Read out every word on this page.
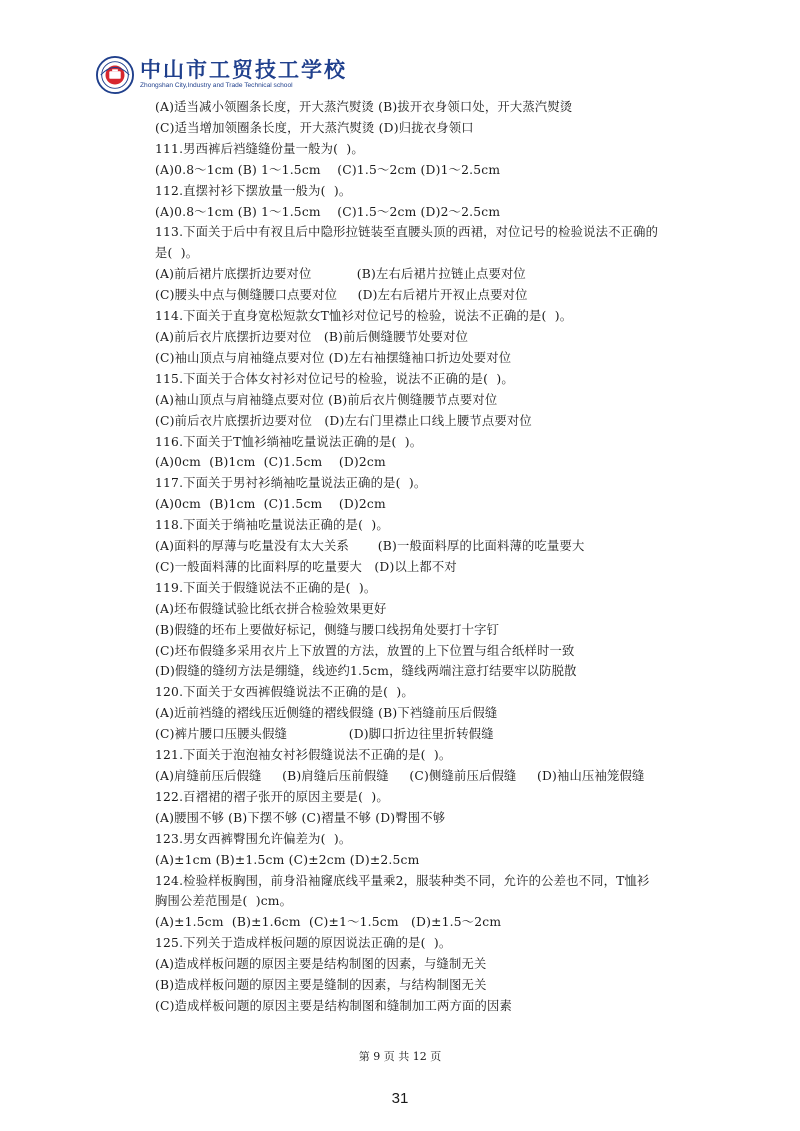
中山市工贸技工学校
Zhongshan City,Industry and Trade Technical school
(A)适当减小领圈条长度，开大蒸汽熨烫 (B)拔开衣身领口处，开大蒸汽熨烫
(C)适当增加领圈条长度，开大蒸汽熨烫 (D)归拢衣身领口
111.男西裤后裆缝缝份量一般为(  )。
(A)0.8～1cm (B) 1～1.5cm    (C)1.5～2cm (D)1～2.5cm
112.直摆衬衫下摆放量一般为(  )。
(A)0.8～1cm (B) 1～1.5cm    (C)1.5～2cm (D)2～2.5cm
113.下面关于后中有衩且后中隐形拉链装至直腰头顶的西裙，对位记号的检验说法不正确的
是(  )。
(A)前后裙片底摆折边要对位           (B)左右后裙片拉链止点要对位
(C)腰头中点与侧缝腰口点要对位     (D)左右后裙片开衩止点要对位
114.下面关于直身宽松短款女T恤衫对位记号的检验，说法不正确的是(  )。
(A)前后衣片底摆折边要对位   (B)前后侧缝腰节处要对位
(C)袖山顶点与肩袖缝点要对位 (D)左右袖摆缝袖口折边处要对位
115.下面关于合体女衬衫对位记号的检验，说法不正确的是(  )。
(A)袖山顶点与肩袖缝点要对位 (B)前后衣片侧缝腰节点要对位
(C)前后衣片底摆折边要对位   (D)左右门里襟止口线上腰节点要对位
116.下面关于T恤衫绱袖吃量说法正确的是(  )。
(A)0cm  (B)1cm  (C)1.5cm    (D)2cm
117.下面关于男衬衫绱袖吃量说法正确的是(  )。
(A)0cm  (B)1cm  (C)1.5cm    (D)2cm
118.下面关于绱袖吃量说法正确的是(  )。
(A)面料的厚薄与吃量没有太大关系       (B)一般面料厚的比面料薄的吃量要大
(C)一般面料薄的比面料厚的吃量要大   (D)以上都不对
119.下面关于假缝说法不正确的是(  )。
(A)坯布假缝试验比纸衣拼合检验效果更好
(B)假缝的坯布上要做好标记，侧缝与腰口线拐角处要打十字钉
(C)坯布假缝多采用衣片上下放置的方法，放置的上下位置与组合纸样时一致
(D)假缝的缝纫方法是绷缝，线迹约1.5cm，缝线两端注意打结要牢以防脱散
120.下面关于女西裤假缝说法不正确的是(  )。
(A)近前裆缝的褶线压近侧缝的褶线假缝 (B)下裆缝前压后假缝
(C)裤片腰口压腰头假缝               (D)脚口折边往里折转假缝
121.下面关于泡泡袖女衬衫假缝说法不正确的是(  )。
(A)肩缝前压后假缝     (B)肩缝后压前假缝     (C)侧缝前压后假缝     (D)袖山压袖笼假缝
122.百褶裙的褶子张开的原因主要是(  )。
(A)腰围不够 (B)下摆不够 (C)褶量不够 (D)臀围不够
123.男女西裤臀围允许偏差为(  )。
(A)±1cm (B)±1.5cm (C)±2cm (D)±2.5cm
124.检验样板胸围，前身沿袖窿底线平量乘2，服装种类不同，允许的公差也不同，T恤衫
胸围公差范围是(  )cm。
(A)±1.5cm  (B)±1.6cm  (C)±1～1.5cm   (D)±1.5～2cm
125.下列关于造成样板问题的原因说法正确的是(  )。
(A)造成样板问题的原因主要是结构制图的因素，与缝制无关
(B)造成样板问题的原因主要是缝制的因素，与结构制图无关
(C)造成样板问题的原因主要是结构制图和缝制加工两方面的因素
第 9 页 共 12 页
31
